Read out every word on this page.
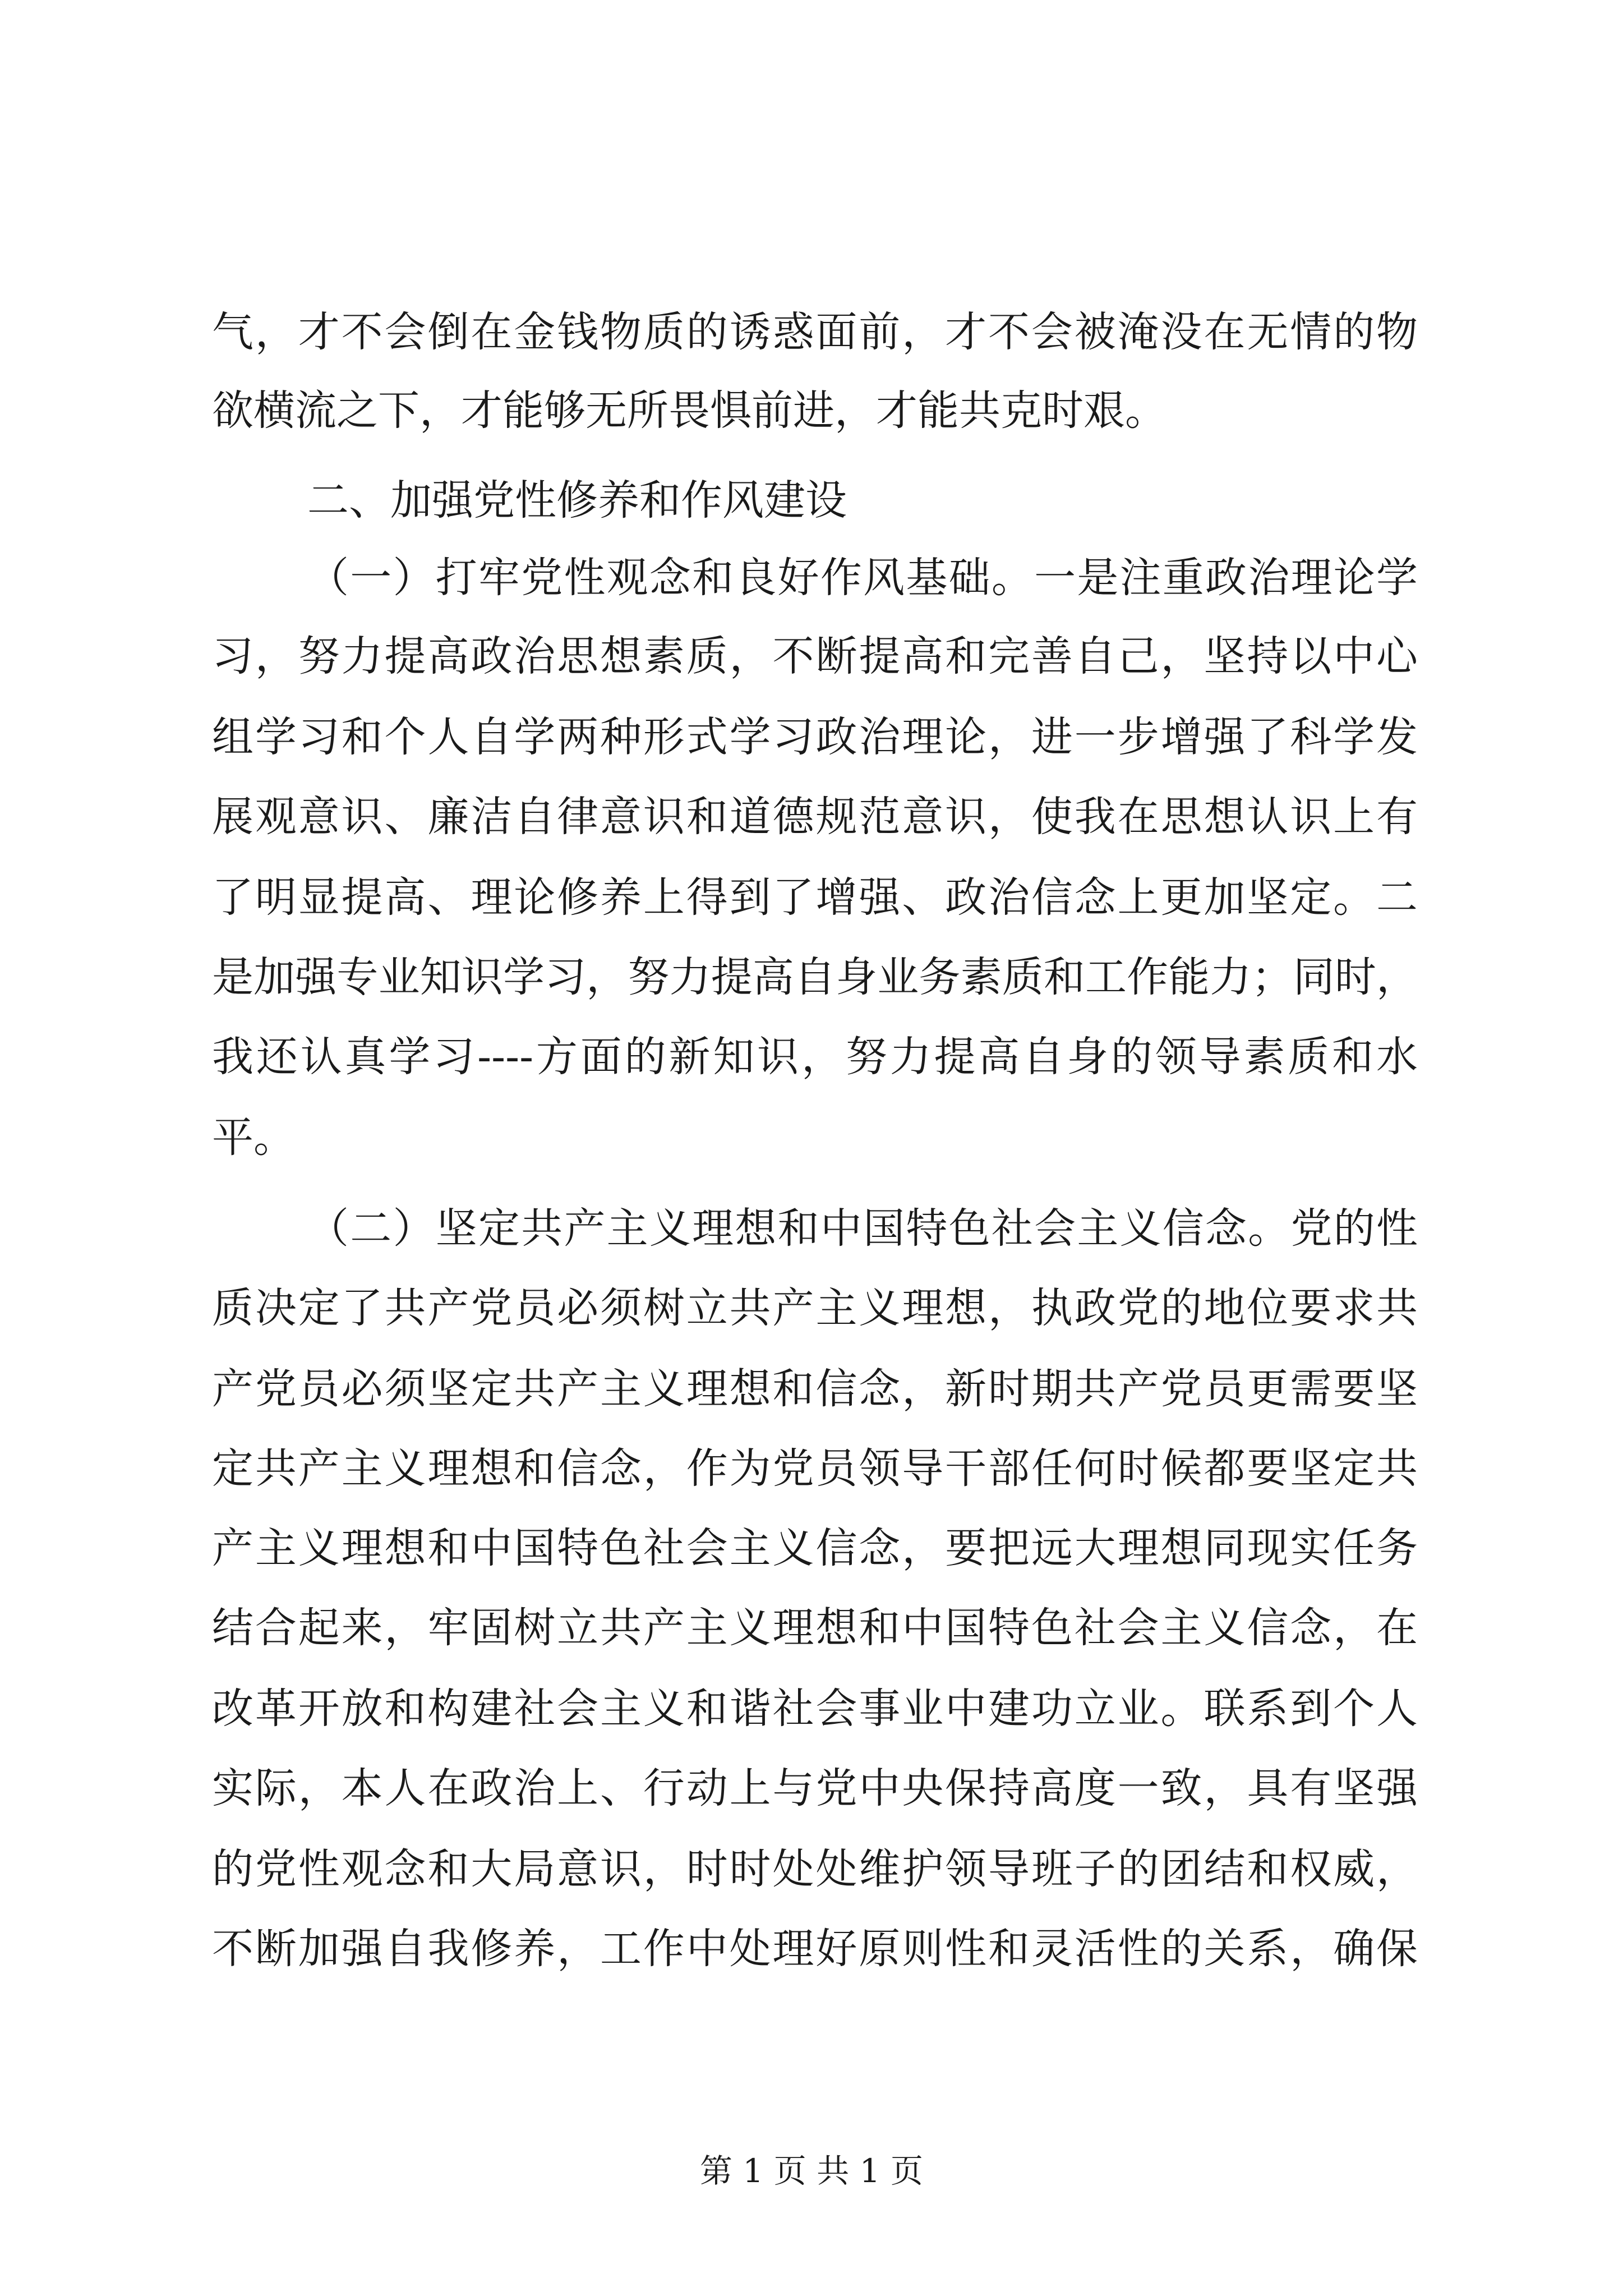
气，才不会倒在金钱物质的诱惑面前，才不会被淹没在无情的物
欲横流之下，才能够无所畏惧前进，才能共克时艰。
二、加强党性修养和作风建设
（一）打牢党性观念和良好作风基础。一是注重政治理论学
习，努力提高政治思想素质，不断提高和完善自己，坚持以中心
组学习和个人自学两种形式学习政治理论，进一步增强了科学发
展观意识、廉洁自律意识和道德规范意识，使我在思想认识上有
了明显提高、理论修养上得到了增强、政治信念上更加坚定。二
是加强专业知识学习，努力提高自身业务素质和工作能力；同时，
我还认真学习----方面的新知识，努力提高自身的领导素质和水
平。
（二）坚定共产主义理想和中国特色社会主义信念。党的性
质决定了共产党员必须树立共产主义理想，执政党的地位要求共
产党员必须坚定共产主义理想和信念，新时期共产党员更需要坚
定共产主义理想和信念，作为党员领导干部任何时候都要坚定共
产主义理想和中国特色社会主义信念，要把远大理想同现实任务
结合起来，牢固树立共产主义理想和中国特色社会主义信念，在
改革开放和构建社会主义和谐社会事业中建功立业。联系到个人
实际，本人在政治上、行动上与党中央保持高度一致，具有坚强
的党性观念和大局意识，时时处处维护领导班子的团结和权威，
不断加强自我修养，工作中处理好原则性和灵活性的关系，确保
第 1 页 共 1 页
